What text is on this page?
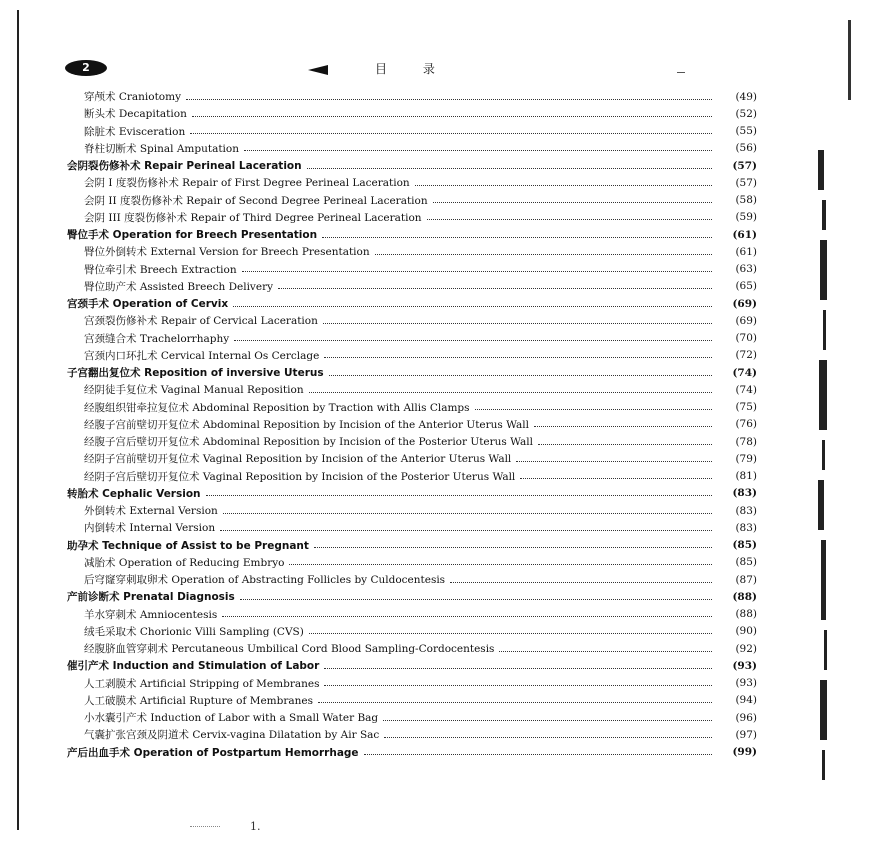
2	目 录
穿颅术 Craniotomy	(49)
断头术 Decapitation	(52)
除脏术 Evisceration	(55)
脊柱切断术 Spinal Amputation	(56)
会阴裂伤修补术 Repair Perineal Laceration	(57)
会阴 I 度裂伤修补术 Repair of First Degree Perineal Laceration	(57)
会阴 II 度裂伤修补术 Repair of Second Degree Perineal Laceration	(58)
会阴 III 度裂伤修补术 Repair of Third Degree Perineal Laceration	(59)
臀位手术 Operation for Breech Presentation	(61)
臀位外倒转术 External Version for Breech Presentation	(61)
臀位牵引术 Breech Extraction	(63)
臀位助产术 Assisted Breech Delivery	(65)
宫颈手术 Operation of Cervix	(69)
宫颈裂伤修补术 Repair of Cervical Laceration	(69)
宫颈缝合术 Trachelorrhaphy	(70)
宫颈内口环扎术 Cervical Internal Os Cerclage	(72)
子宫翻出复位术 Reposition of inversive Uterus	(74)
经阴徒手复位术 Vaginal Manual Reposition	(74)
经腹组织钳牵拉复位术 Abdominal Reposition by Traction with Allis Clamps	(75)
经腹子宫前壁切开复位术 Abdominal Reposition by Incision of the Anterior Uterus Wall	(76)
经腹子宫后壁切开复位术 Abdominal Reposition by Incision of the Posterior Uterus Wall	(78)
经阴子宫前壁切开复位术 Vaginal Reposition by Incision of the Anterior Uterus Wall	(79)
经阴子宫后壁切开复位术 Vaginal Reposition by Incision of the Posterior Uterus Wall	(81)
转胎术 Cephalic Version	(83)
外倒转术 External Version	(83)
内倒转术 Internal Version	(83)
助孕术 Technique of Assist to be Pregnant	(85)
减胎术 Operation of Reducing Embryo	(85)
后穹窿穿刺取卵术 Operation of Abstracting Follicles by Culdocentesis	(87)
产前诊断术 Prenatal Diagnosis	(88)
羊水穿刺术 Amniocentesis	(88)
绒毛采取术 Chorionic Villi Sampling (CVS)	(90)
经腹脐血管穿刺术 Percutaneous Umbilical Cord Blood Sampling-Cordocentesis	(92)
催引产术 Induction and Stimulation of Labor	(93)
人工剥膜术 Artificial Stripping of Membranes	(93)
人工破膜术 Artificial Rupture of Membranes	(94)
小水囊引产术 Induction of Labor with a Small Water Bag	(96)
气囊扩张宫颈及阴道术 Cervix-vagina Dilatation by Air Sac	(97)
产后出血手术 Operation of Postpartum Hemorrhage	(99)
1.
